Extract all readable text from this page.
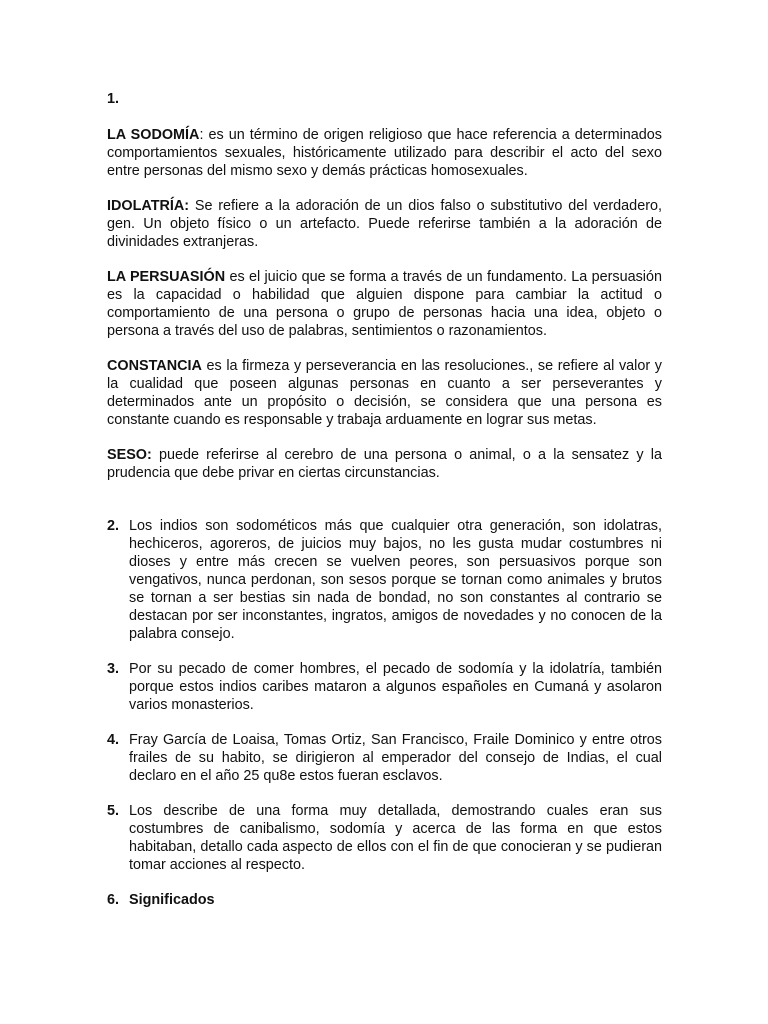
1.

LA SODOMÍA: es un término de origen religioso que hace referencia a determinados comportamientos sexuales, históricamente utilizado para describir el acto del sexo entre personas del mismo sexo y demás prácticas homosexuales.

IDOLATRÍA: Se refiere a la adoración de un dios falso o substitutivo del verdadero, gen. Un objeto físico o un artefacto. Puede referirse también a la adoración de divinidades extranjeras.

LA PERSUASIÓN es el juicio que se forma a través de un fundamento. La persuasión es la capacidad o habilidad que alguien dispone para cambiar la actitud o comportamiento de una persona o grupo de personas hacia una idea, objeto o persona a través del uso de palabras, sentimientos o razonamientos.

CONSTANCIA es la firmeza y perseverancia en las resoluciones., se refiere al valor y la cualidad que poseen algunas personas en cuanto a ser perseverantes y determinados ante un propósito o decisión, se considera que una persona es constante cuando es responsable y trabaja arduamente en lograr sus metas.

SESO: puede referirse al cerebro de una persona o animal, o a la sensatez y la prudencia que debe privar en ciertas circunstancias.

2. Los indios son sodométicos más que cualquier otra generación, son idolatras, hechiceros, agoreros, de juicios muy bajos, no les gusta mudar costumbres ni dioses y entre más crecen se vuelven peores, son persuasivos porque son vengativos, nunca perdonan, son sesos porque se tornan como animales y brutos se tornan a ser bestias sin nada de bondad, no son constantes al contrario se destacan por ser inconstantes, ingratos, amigos de novedades y no conocen de la palabra consejo.
3. Por su pecado de comer hombres, el pecado de sodomía y la idolatría, también porque estos indios caribes mataron a algunos españoles en Cumaná y asolaron varios monasterios.
4. Fray García de Loaisa, Tomas Ortiz, San Francisco, Fraile Dominico y entre otros frailes de su habito, se dirigieron al emperador del consejo de Indias, el cual declaro en el año 25 qu8e estos fueran esclavos.
5. Los describe de una forma muy detallada, demostrando cuales eran sus costumbres de canibalismo, sodomía y acerca de las forma en que estos habitaban, detallo cada aspecto de ellos con el fin de que conocieran y se pudieran tomar acciones al respecto.
6. Significados
